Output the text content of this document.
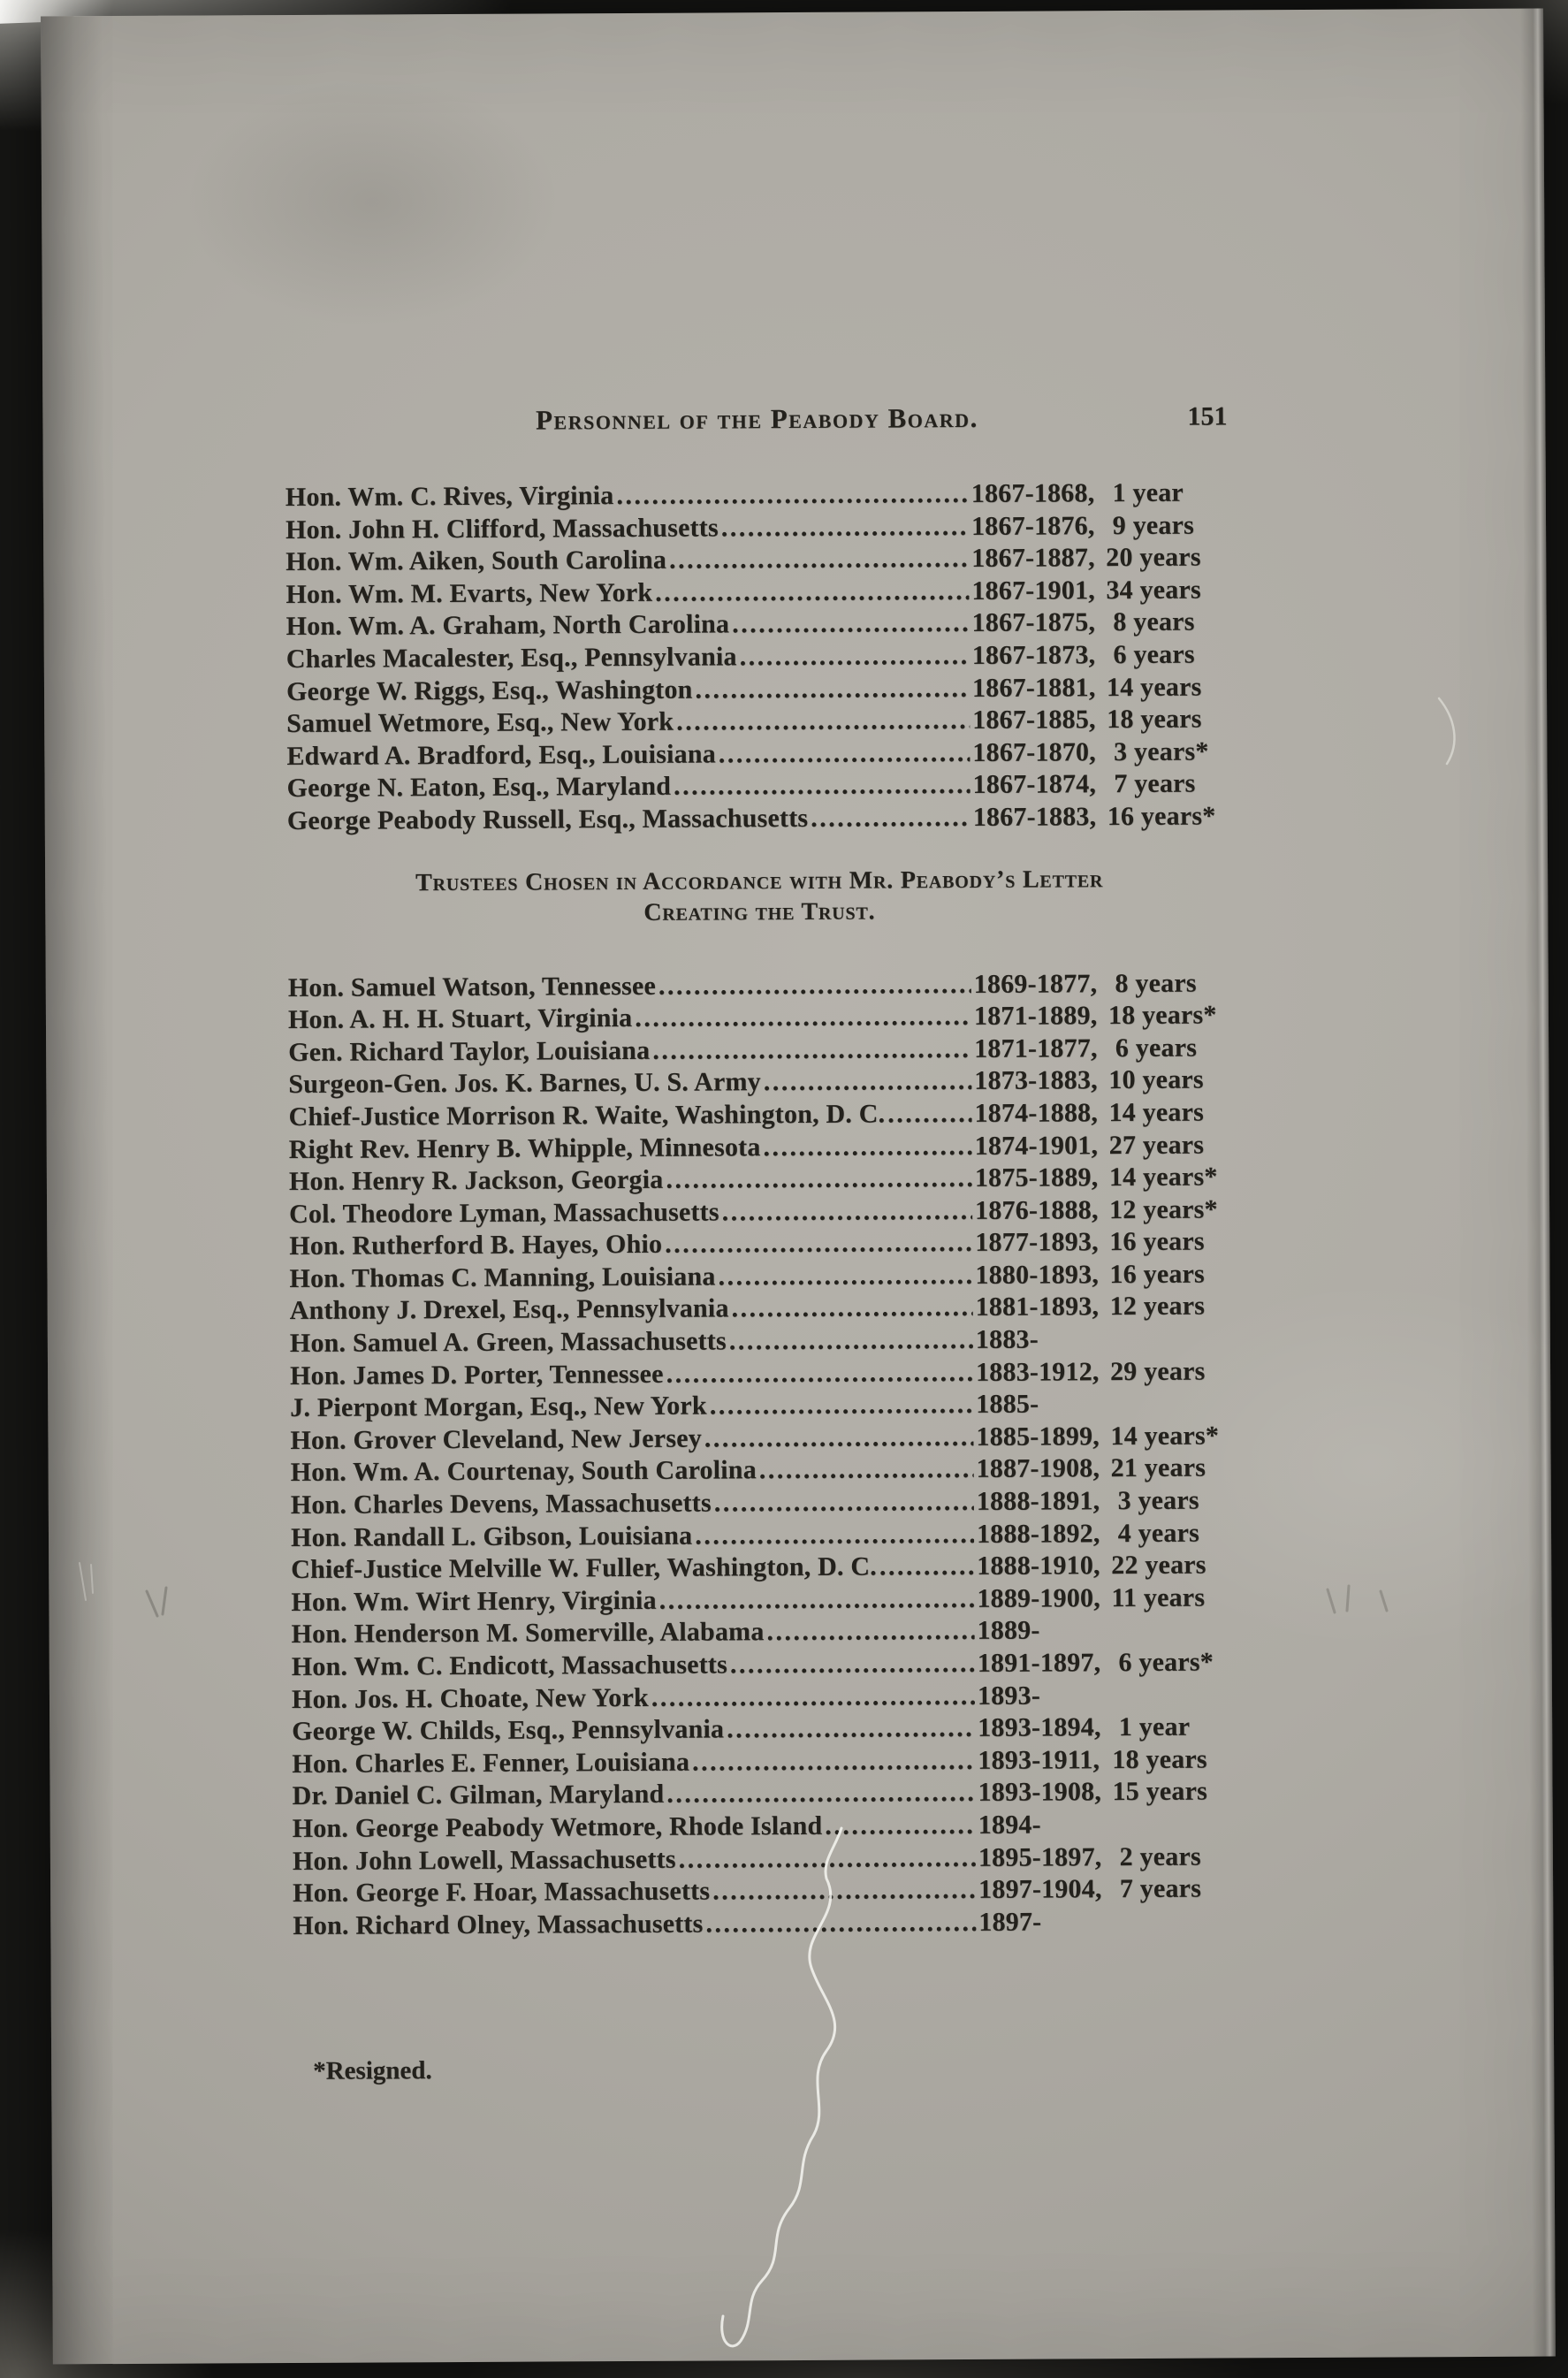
Personnel of the Peabody Board.	151
Hon. Wm. C. Rives, Virginia .....	1867-1868, 1 year
Hon. John H. Clifford, Massachusetts .....	1867-1876, 9 years
Hon. Wm. Aiken, South Carolina .....	1867-1887, 20 years
Hon. Wm. M. Evarts, New York .....	1867-1901, 34 years
Hon. Wm. A. Graham, North Carolina .....	1867-1875, 8 years
Charles Macalester, Esq., Pennsylvania .....	1867-1873, 6 years
George W. Riggs, Esq., Washington .....	1867-1881, 14 years
Samuel Wetmore, Esq., New York .....	1867-1885, 18 years
Edward A. Bradford, Esq., Louisiana .....	1867-1870, 3 years*
George N. Eaton, Esq., Maryland .....	1867-1874, 7 years
George Peabody Russell, Esq., Massachusetts .....	1867-1883, 16 years*
Trustees Chosen in Accordance with Mr. Peabody’s Letter
Creating the Trust.
Hon. Samuel Watson, Tennessee .....	1869-1877, 8 years
Hon. A. H. H. Stuart, Virginia .....	1871-1889, 18 years*
Gen. Richard Taylor, Louisiana .....	1871-1877, 6 years
Surgeon-Gen. Jos. K. Barnes, U. S. Army .....	1873-1883, 10 years
Chief-Justice Morrison R. Waite, Washington, D. C. .....	1874-1888, 14 years
Right Rev. Henry B. Whipple, Minnesota .....	1874-1901, 27 years
Hon. Henry R. Jackson, Georgia .....	1875-1889, 14 years*
Col. Theodore Lyman, Massachusetts .....	1876-1888, 12 years*
Hon. Rutherford B. Hayes, Ohio .....	1877-1893, 16 years
Hon. Thomas C. Manning, Louisiana .....	1880-1893, 16 years
Anthony J. Drexel, Esq., Pennsylvania .....	1881-1893, 12 years
Hon. Samuel A. Green, Massachusetts .....	1883-
Hon. James D. Porter, Tennessee .....	1883-1912, 29 years
J. Pierpont Morgan, Esq., New York .....	1885-
Hon. Grover Cleveland, New Jersey .....	1885-1899, 14 years*
Hon. Wm. A. Courtenay, South Carolina .....	1887-1908, 21 years
Hon. Charles Devens, Massachusetts .....	1888-1891, 3 years
Hon. Randall L. Gibson, Louisiana .....	1888-1892, 4 years
Chief-Justice Melville W. Fuller, Washington, D. C. .....	1888-1910, 22 years
Hon. Wm. Wirt Henry, Virginia .....	1889-1900, 11 years
Hon. Henderson M. Somerville, Alabama .....	1889-
Hon. Wm. C. Endicott, Massachusetts .....	1891-1897, 6 years*
Hon. Jos. H. Choate, New York .....	1893-
George W. Childs, Esq., Pennsylvania .....	1893-1894, 1 year
Hon. Charles E. Fenner, Louisiana .....	1893-1911, 18 years
Dr. Daniel C. Gilman, Maryland .....	1893-1908, 15 years
Hon. George Peabody Wetmore, Rhode Island .....	1894-
Hon. John Lowell, Massachusetts .....	1895-1897, 2 years
Hon. George F. Hoar, Massachusetts .....	1897-1904, 7 years
Hon. Richard Olney, Massachusetts .....	1897-
*Resigned.
